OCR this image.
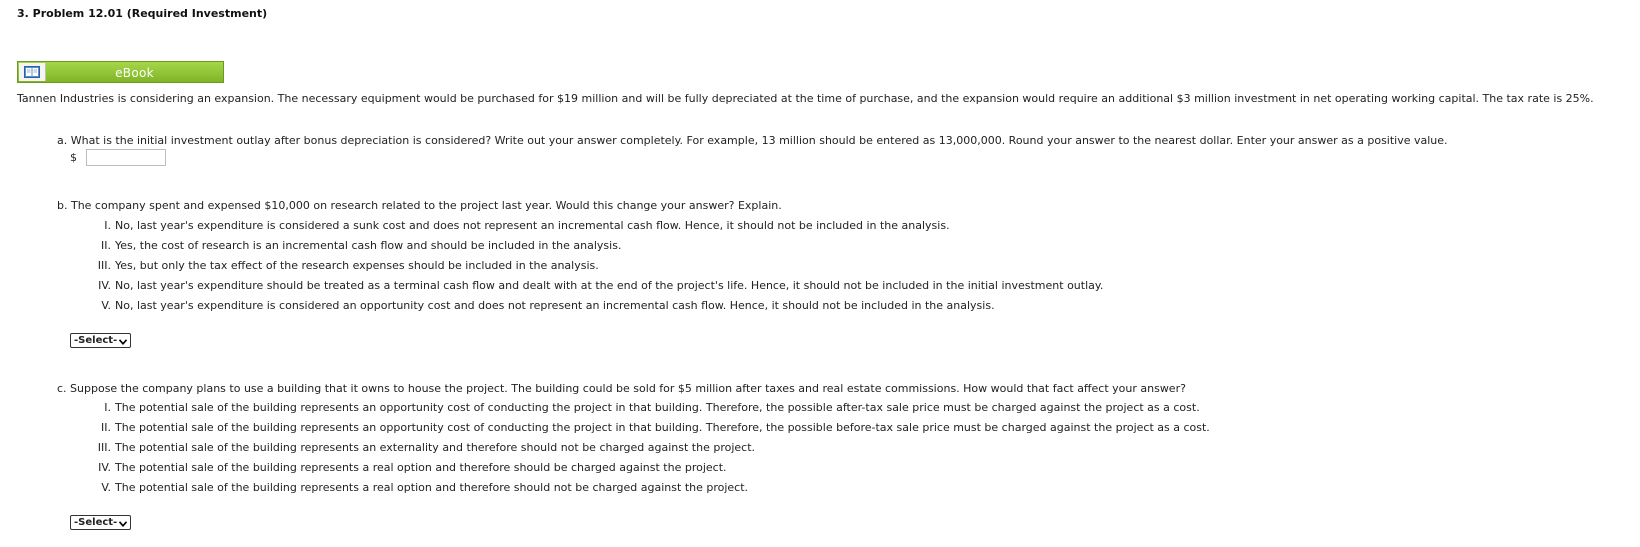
3. Problem 12.01 (Required Investment)
eBook
Tannen Industries is considering an expansion. The necessary equipment would be purchased for $19 million and will be fully depreciated at the time of purchase, and the expansion would require an additional $3 million investment in net operating working capital. The tax rate is 25%.
a. What is the initial investment outlay after bonus depreciation is considered? Write out your answer completely. For example, 13 million should be entered as 13,000,000. Round your answer to the nearest dollar. Enter your answer as a positive value.
$
b. The company spent and expensed $10,000 on research related to the project last year. Would this change your answer? Explain.
I. No, last year's expenditure is considered a sunk cost and does not represent an incremental cash flow. Hence, it should not be included in the analysis.
II. Yes, the cost of research is an incremental cash flow and should be included in the analysis.
III. Yes, but only the tax effect of the research expenses should be included in the analysis.
IV. No, last year's expenditure should be treated as a terminal cash flow and dealt with at the end of the project's life. Hence, it should not be included in the initial investment outlay.
V. No, last year's expenditure is considered an opportunity cost and does not represent an incremental cash flow. Hence, it should not be included in the analysis.
-Select-
c. Suppose the company plans to use a building that it owns to house the project. The building could be sold for $5 million after taxes and real estate commissions. How would that fact affect your answer?
I. The potential sale of the building represents an opportunity cost of conducting the project in that building. Therefore, the possible after-tax sale price must be charged against the project as a cost.
II. The potential sale of the building represents an opportunity cost of conducting the project in that building. Therefore, the possible before-tax sale price must be charged against the project as a cost.
III. The potential sale of the building represents an externality and therefore should not be charged against the project.
IV. The potential sale of the building represents a real option and therefore should be charged against the project.
V. The potential sale of the building represents a real option and therefore should not be charged against the project.
-Select-
